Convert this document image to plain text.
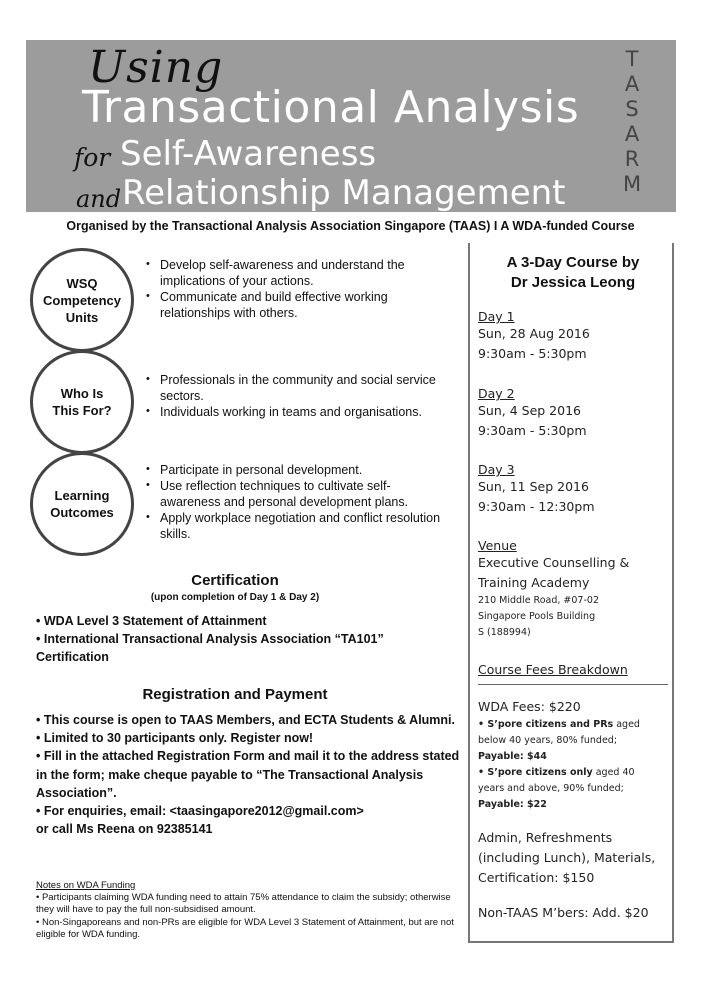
Using
Transactional Analysis
for Self-Awareness
and Relationship Management
T
A
S
A
R
M
Organised by the Transactional Analysis Association Singapore (TAAS) I A WDA-funded Course
WSQ
Competency
Units
• Develop self-awareness and understand the implications of your actions.
• Communicate and build effective working relationships with others.
Who Is
This For?
• Professionals in the community and social service sectors.
• Individuals working in teams and organisations.
Learning
Outcomes
• Participate in personal development.
• Use reflection techniques to cultivate self-awareness and personal development plans.
• Apply workplace negotiation and conflict resolution skills.
Certification
(upon completion of Day 1 & Day 2)
• WDA Level 3 Statement of Attainment
• International Transactional Analysis Association “TA101” Certification
Registration and Payment
• This course is open to TAAS Members, and ECTA Students & Alumni.
• Limited to 30 participants only. Register now!
• Fill in the attached Registration Form and mail it to the address stated in the form; make cheque payable to “The Transactional Analysis Association”.
• For enquiries, email: <taasingapore2012@gmail.com>
or call Ms Reena on 92385141
Notes on WDA Funding
• Participants claiming WDA funding need to attain 75% attendance to claim the subsidy; otherwise they will have to pay the full non-subsidised amount.
• Non-Singaporeans and non-PRs are eligible for WDA Level 3 Statement of Attainment, but are not eligible for WDA funding.
A 3-Day Course by
Dr Jessica Leong
Day 1
Sun, 28 Aug 2016
9:30am - 5:30pm
Day 2
Sun, 4 Sep 2016
9:30am - 5:30pm
Day 3
Sun, 11 Sep 2016
9:30am - 12:30pm
Venue
Executive Counselling &
Training Academy
210 Middle Road, #07-02
Singapore Pools Building
S (188994)
Course Fees Breakdown
WDA Fees: $220
• S’pore citizens and PRs aged
below 40 years, 80% funded;
Payable: $44
• S’pore citizens only aged 40
years and above, 90% funded;
Payable: $22
Admin, Refreshments
(including Lunch), Materials,
Certification: $150
Non-TAAS M’bers: Add. $20
